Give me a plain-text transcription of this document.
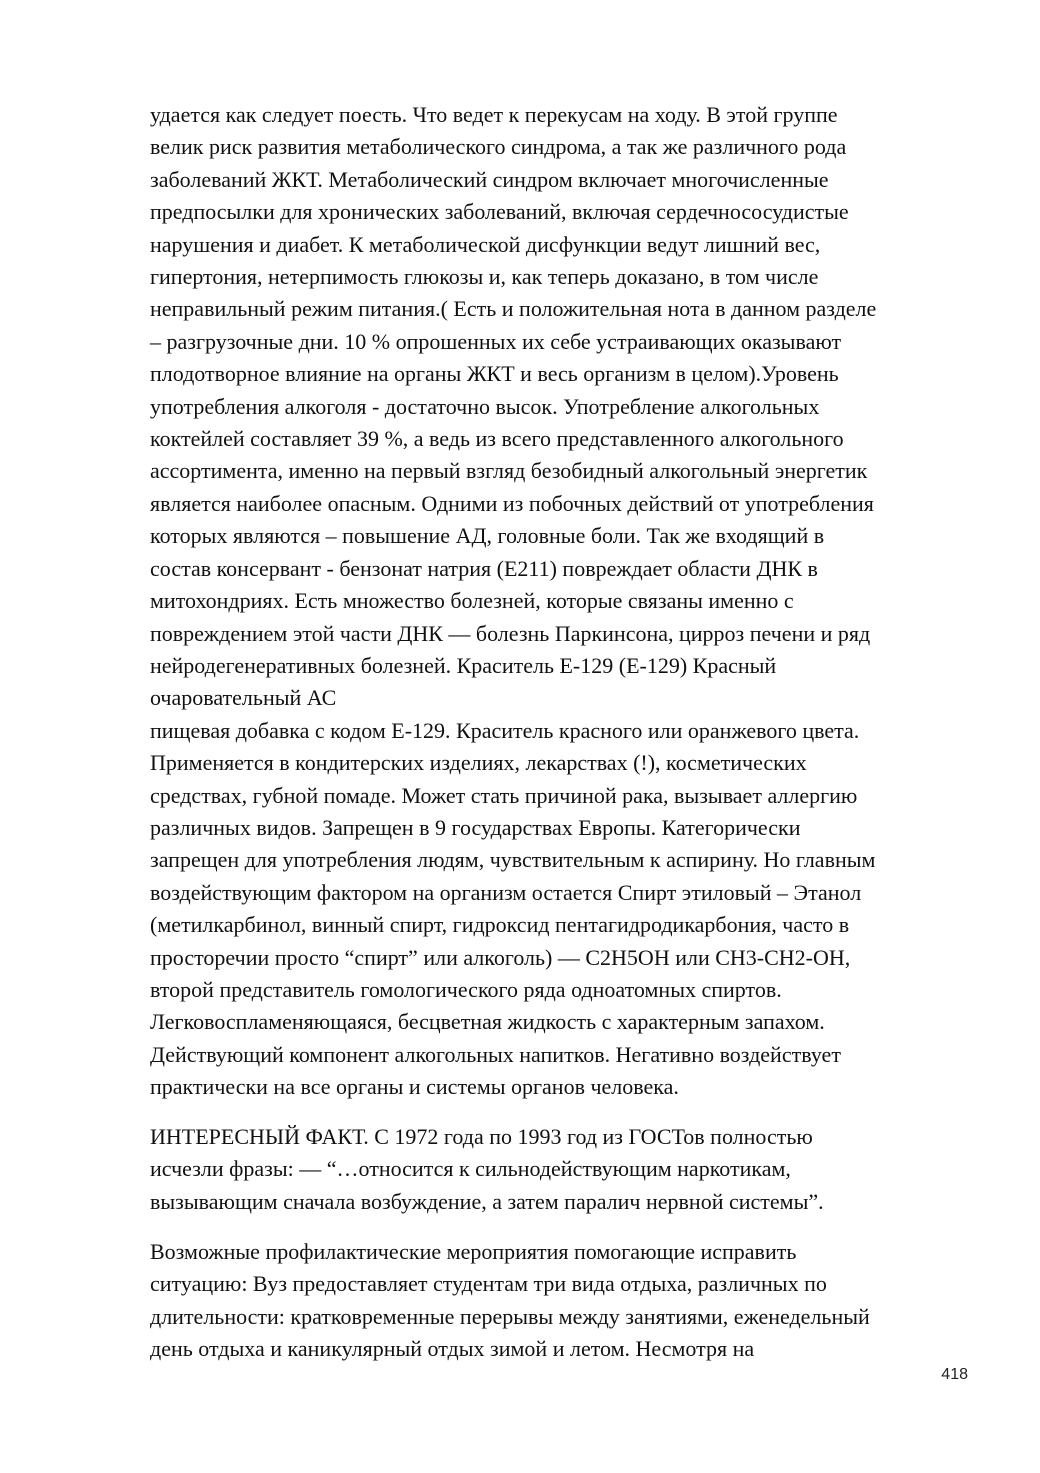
удается как следует поесть. Что ведет к перекусам на ходу. В этой группе
велик риск развития метаболического синдрома, а так же различного рода
заболеваний ЖКТ. Метаболический синдром включает многочисленные
предпосылки для хронических заболеваний, включая сердечнососудистые
нарушения и диабет. К метаболической дисфункции ведут лишний вес,
гипертония, нетерпимость глюкозы и, как теперь доказано, в том числе
неправильный режим питания.( Есть и положительная нота в данном разделе
– разгрузочные дни. 10 % опрошенных их себе устраивающих оказывают
плодотворное влияние на органы ЖКТ и весь организм в целом).Уровень
употребления алкоголя - достаточно высок. Употребление алкогольных
коктейлей составляет 39 %, а ведь из всего представленного алкогольного
ассортимента, именно на первый взгляд безобидный алкогольный энергетик
является наиболее опасным. Одними из побочных действий от употребления
которых являются – повышение АД, головные боли. Так же входящий в
состав консервант - бензонат натрия (E211) повреждает области ДНК в
митохондриях. Есть множество болезней, которые связаны именно с
повреждением этой части ДНК — болезнь Паркинсона, цирроз печени и ряд
нейродегенеративных болезней. Краситель Е-129 (E-129) Красный
очаровательный АС
пищевая добавка с кодом Е-129. Краситель красного или оранжевого цвета.
Применяется в кондитерских изделиях, лекарствах (!), косметических
средствах, губной помаде. Может стать причиной рака, вызывает аллергию
различных видов. Запрещен в 9 государствах Европы. Категорически
запрещен для употребления людям, чувствительным к аспирину. Но главным
воздействующим фактором на организм остается Спирт этиловый – Этанол
(метилкарбинол, винный спирт, гидроксид пентагидродикарбония, часто в
просторечии просто “спирт” или алкоголь) — C2H5OH или CH3-CH2-OH,
второй представитель гомологического ряда одноатомных спиртов.
Легковоспламеняющаяся, бесцветная жидкость с характерным запахом.
Действующий компонент алкогольных напитков. Негативно воздействует
практически на все органы и системы органов человека.
ИНТЕРЕСНЫЙ ФАКТ. С 1972 года по 1993 год из ГОСТов полностью
исчезли фразы: — “…относится к сильнодействующим наркотикам,
вызывающим сначала возбуждение, а затем паралич нервной системы”.
Возможные профилактические мероприятия помогающие исправить
ситуацию: Вуз предоставляет студентам три вида отдыха, различных по
длительности: кратковременные перерывы между занятиями, еженедельный
день отдыха и каникулярный отдых зимой и летом. Несмотря на
418
